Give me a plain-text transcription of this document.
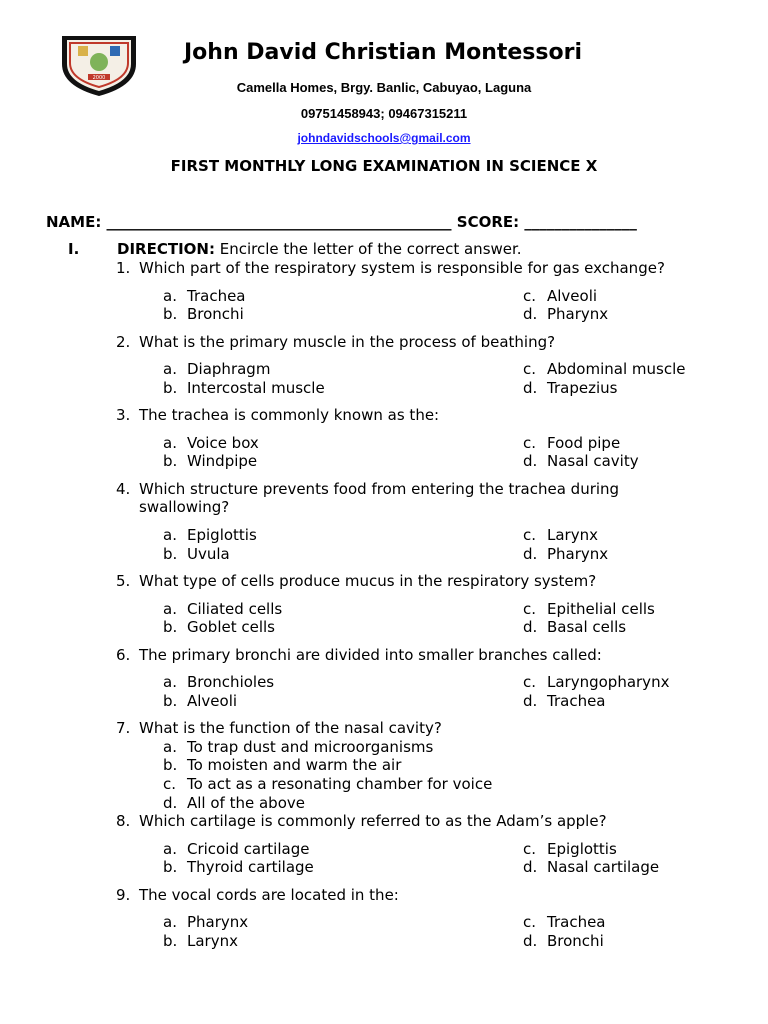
2000
John David Christian Montessori
Camella Homes, Brgy. Banlic, Cabuyao, Laguna
09751458943; 09467315211
johndavidschools@gmail.com
FIRST MONTHLY LONG EXAMINATION IN SCIENCE X
NAME: ______________________________________________ SCORE: _______________
I.	DIRECTION: Encircle the letter of the correct answer.
1. Which part of the respiratory system is responsible for gas exchange?
a. Trachea
b. Bronchi
c. Alveoli
d. Pharynx
2. What is the primary muscle in the process of beathing?
a. Diaphragm
b. Intercostal muscle
c. Abdominal muscle
d. Trapezius
3. The trachea is commonly known as the:
a. Voice box
b. Windpipe
c. Food pipe
d. Nasal cavity
4. Which structure prevents food from entering the trachea during swallowing?
a. Epiglottis
b. Uvula
c. Larynx
d. Pharynx
5. What type of cells produce mucus in the respiratory system?
a. Ciliated cells
b. Goblet cells
c. Epithelial cells
d. Basal cells
6. The primary bronchi are divided into smaller branches called:
a. Bronchioles
b. Alveoli
c. Laryngopharynx
d. Trachea
7. What is the function of the nasal cavity?
a. To trap dust and microorganisms
b. To moisten and warm the air
c. To act as a resonating chamber for voice
d. All of the above
8. Which cartilage is commonly referred to as the Adam’s apple?
a. Cricoid cartilage
b. Thyroid cartilage
c. Epiglottis
d. Nasal cartilage
9. The vocal cords are located in the:
a. Pharynx
b. Larynx
c. Trachea
d. Bronchi
